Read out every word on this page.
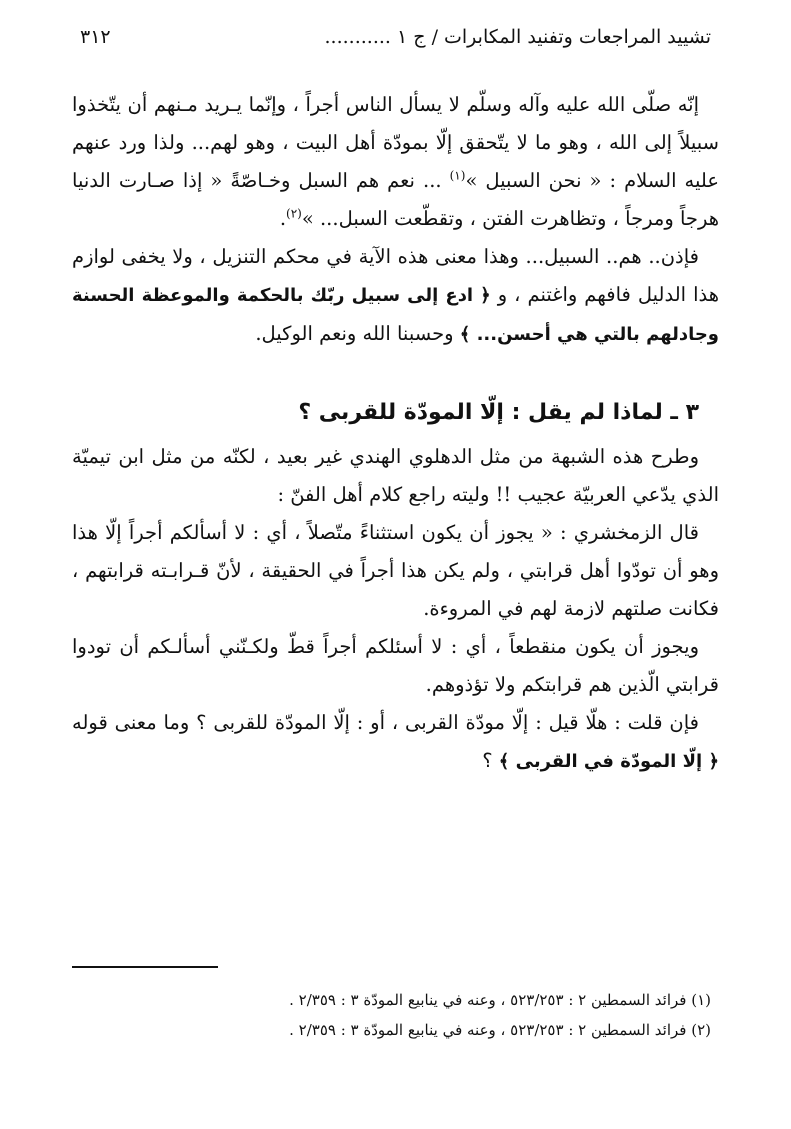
تشييد المراجعات وتفنيد المكابرات / ج ١ ...........
٣١٢

إنّه صلّى الله عليه وآله وسلّم لا يسأل الناس أجراً ، وإنّما يـريد مـنهم أن يتّخذوا سبيلاً إلى الله ، وهو ما لا يتّحقق إلّا بمودّة أهل البيت ، وهو لهم... ولذا ورد عنهم عليه السلام : « نحن السبيل »$^{(١)}$ ... نعم هم السبل وخـاصّةً « إذا صـارت الدنيا هرجاً ومرجاً ، وتظاهرت الفتن ، وتقطّعت السبل... »$^{(٢)}$.

فإذن.. هم.. السبيل... وهذا معنى هذه الآية في محكم التنزيل ، ولا يخفى لوازم هذا الدليل فافهم واغتنم ، و ﴿ ادع إلى سبيل ربّك بالحكمة والموعظة الحسنة وجادلهم بالتي هي أحسن... ﴾ وحسبنا الله ونعم الوكيل.

٣ ـ لماذا لم يقل : إلّا المودّة للقربى ؟

وطرح هذه الشبهة من مثل الدهلوي الهندي غير بعيد ، لكنّه من مثل ابن تيميّة الذي يدّعي العربيّة عجيب !! وليته راجع كلام أهل الفنّ :

قال الزمخشري : « يجوز أن يكون استثناءً متّصلاً ، أي : لا أسألكم أجراً إلّا هذا وهو أن تودّوا أهل قرابتي ، ولم يكن هذا أجراً في الحقيقة ، لأنّ قـرابـته قرابتهم ، فكانت صلتهم لازمة لهم في المروءة.

ويجوز أن يكون منقطعاً ، أي : لا أسئلكم أجراً قطّ ولكـنّني أسألـكم أن تودوا قرابتي الّذين هم قرابتكم ولا تؤذوهم.

فإن قلت : هلّا قيل : إلّا مودّة القربى ، أو : إلّا المودّة للقربى ؟ وما معنى قوله ﴿ إلّا المودّة في القربى ﴾ ؟

(١) فرائد السمطين ٢ : ٥٢٣/٢٥٣ ، وعنه في ينابيع المودّة ٣ : ٢/٣٥٩ .
(٢) فرائد السمطين ٢ : ٥٢٣/٢٥٣ ، وعنه في ينابيع المودّة ٣ : ٢/٣٥٩ .
